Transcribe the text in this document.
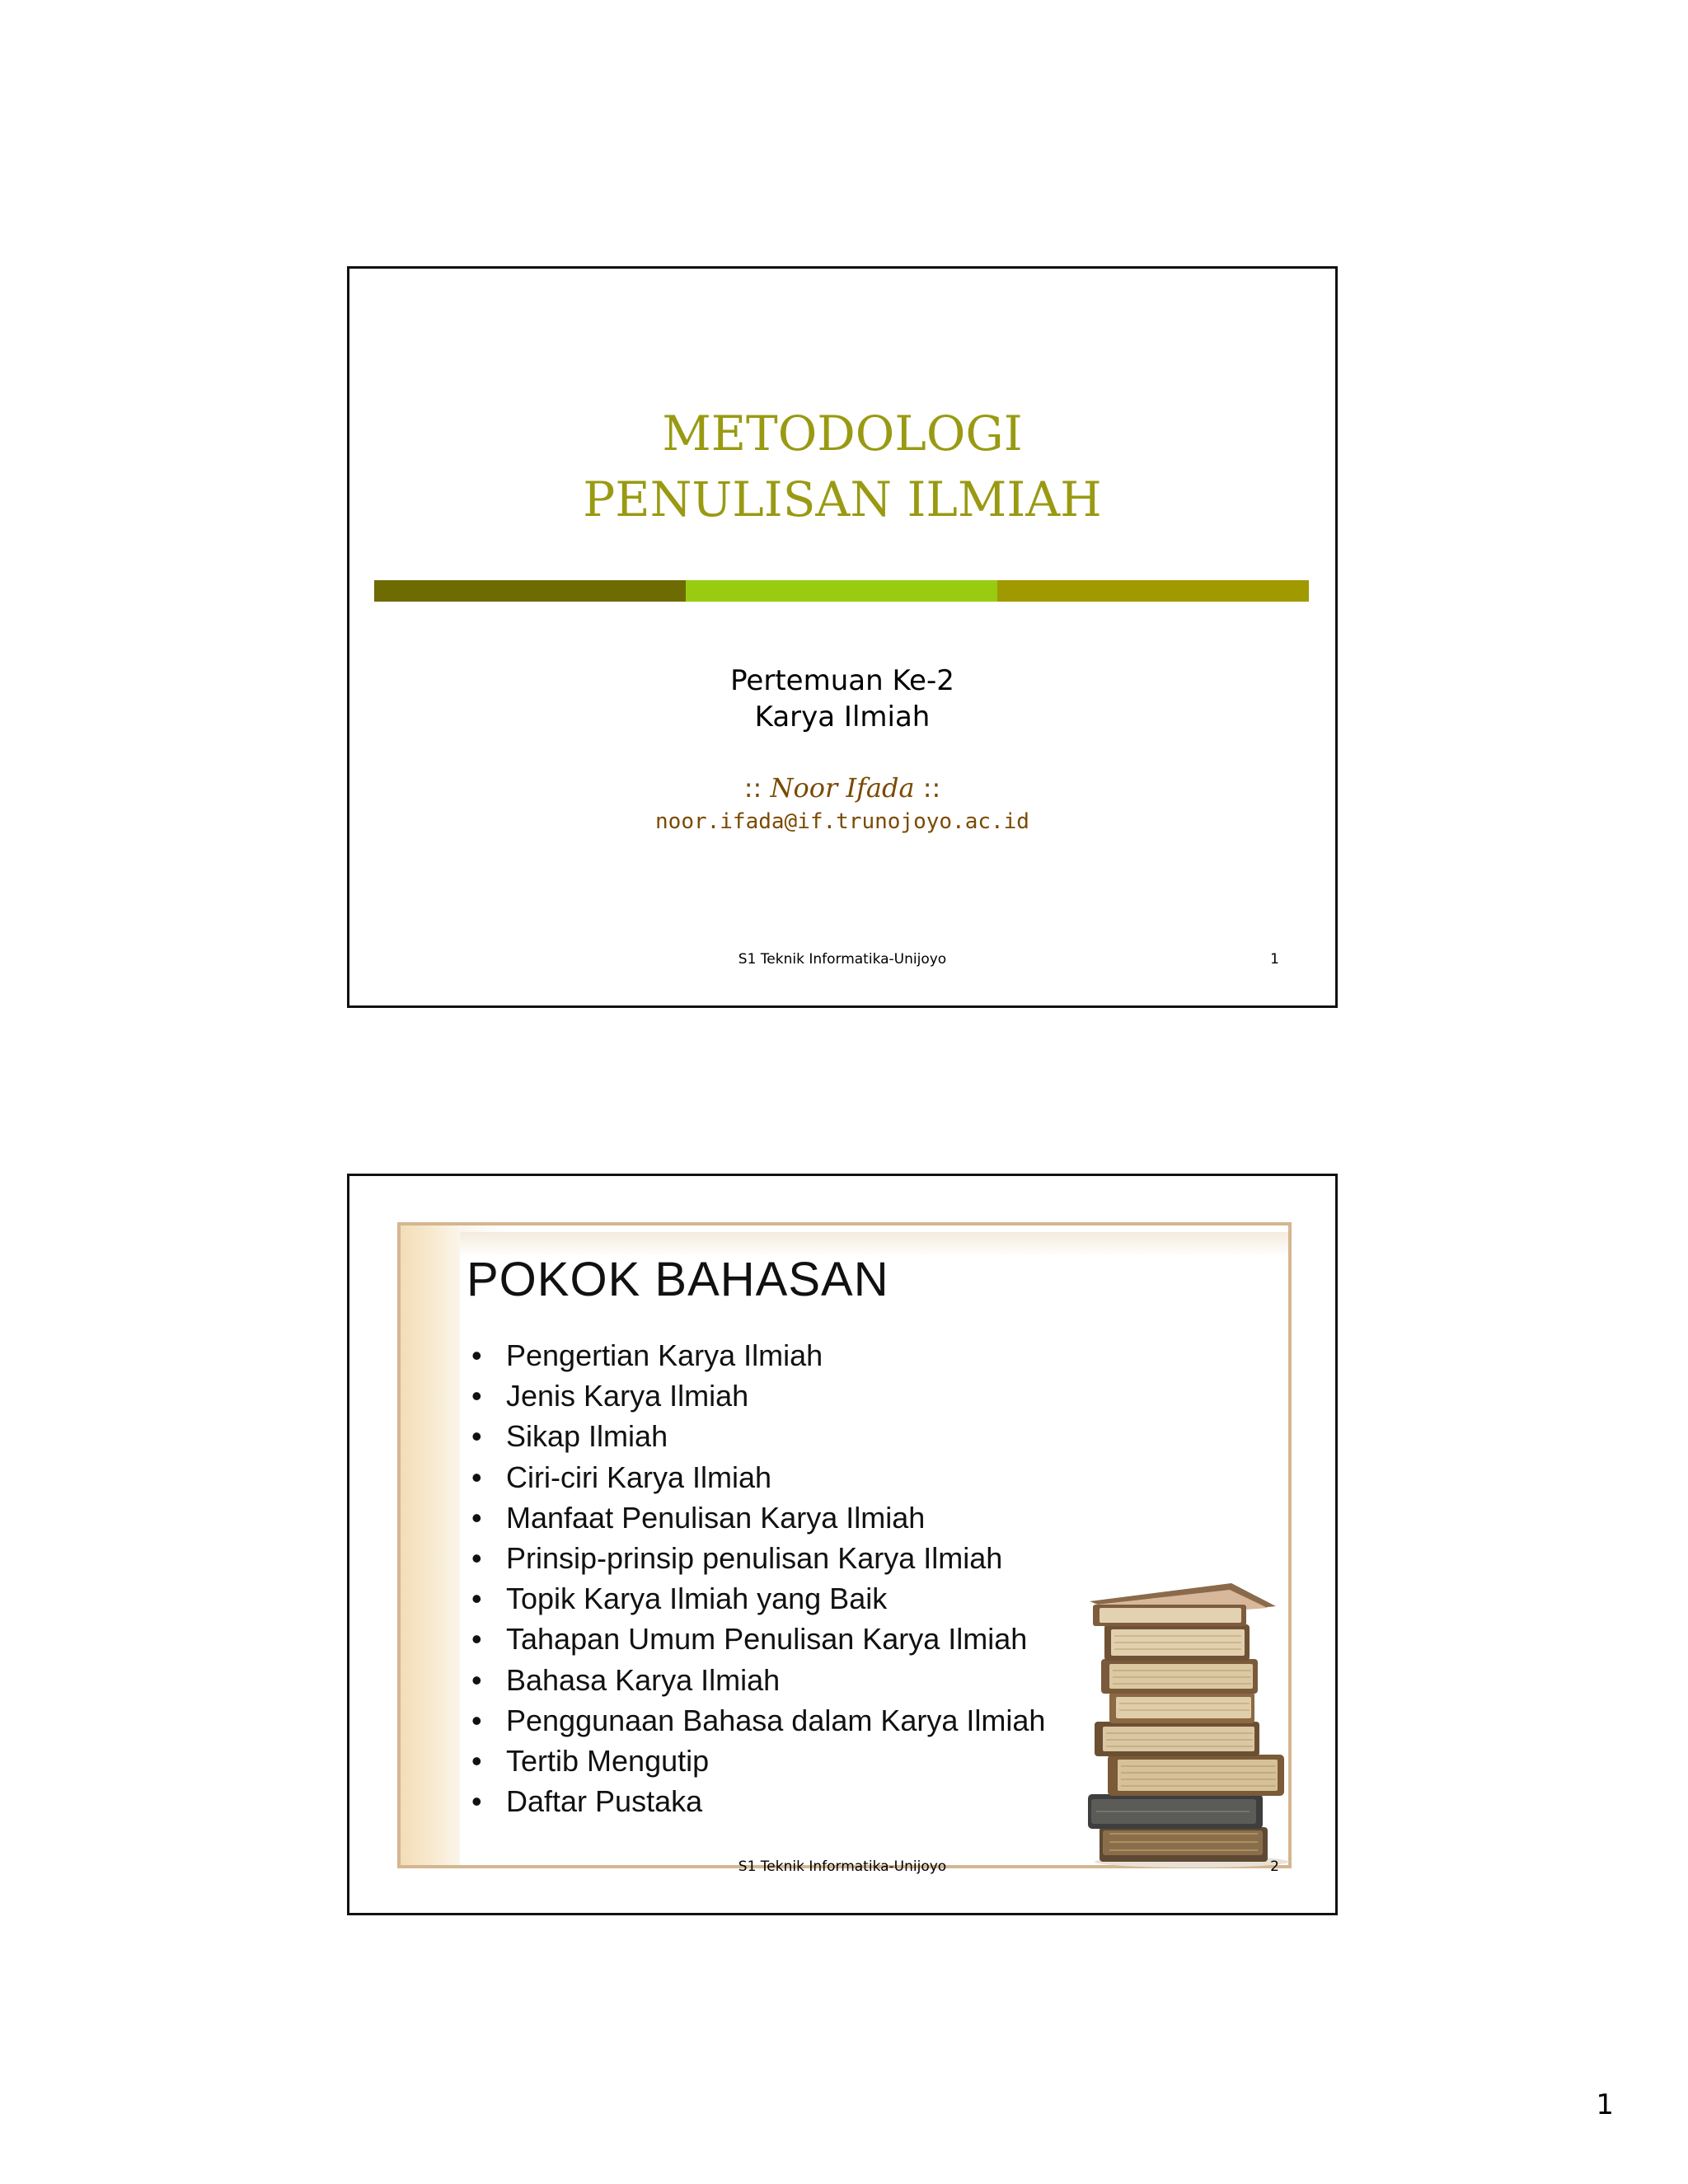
METODOLOGI
PENULISAN ILMIAH
Pertemuan Ke-2
Karya Ilmiah
:: Noor Ifada ::
noor.ifada@if.trunojoyo.ac.id
S1 Teknik Informatika-Unijoyo	1
POKOK BAHASAN
• Pengertian Karya Ilmiah
• Jenis Karya Ilmiah
• Sikap Ilmiah
• Ciri-ciri Karya Ilmiah
• Manfaat Penulisan Karya Ilmiah
• Prinsip-prinsip penulisan Karya Ilmiah
• Topik Karya Ilmiah yang Baik
• Tahapan Umum Penulisan Karya Ilmiah
• Bahasa Karya Ilmiah
• Penggunaan Bahasa dalam Karya Ilmiah
• Tertib Mengutip
• Daftar Pustaka
S1 Teknik Informatika-Unijoyo	2
1
